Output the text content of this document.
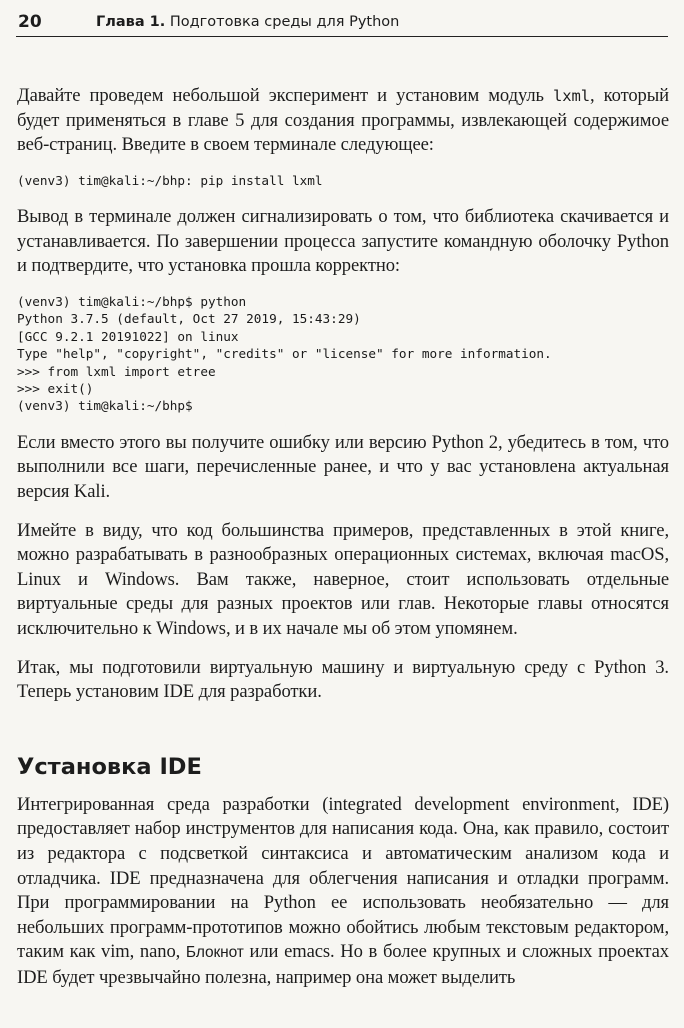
20	Глава 1. Подготовка среды для Python

Давайте проведем небольшой эксперимент и установим модуль lxml, который будет применяться в главе 5 для создания программы, извлекающей содержимое веб-страниц. Введите в своем терминале следующее:

(venv3) tim@kali:~/bhp: pip install lxml

Вывод в терминале должен сигнализировать о том, что библиотека скачивается и устанавливается. По завершении процесса запустите командную оболочку Python и подтвердите, что установка прошла корректно:

(venv3) tim@kali:~/bhp$ python
Python 3.7.5 (default, Oct 27 2019, 15:43:29)
[GCC 9.2.1 20191022] on linux
Type "help", "copyright", "credits" or "license" for more information.
>>> from lxml import etree
>>> exit()
(venv3) tim@kali:~/bhp$

Если вместо этого вы получите ошибку или версию Python 2, убедитесь в том, что выполнили все шаги, перечисленные ранее, и что у вас установлена актуальная версия Kali.

Имейте в виду, что код большинства примеров, представленных в этой книге, можно разрабатывать в разнообразных операционных системах, включая macOS, Linux и Windows. Вам также, наверное, стоит использовать отдельные виртуальные среды для разных проектов или глав. Некоторые главы относятся исключительно к Windows, и в их начале мы об этом упомянем.

Итак, мы подготовили виртуальную машину и виртуальную среду с Python 3. Теперь установим IDE для разработки.

Установка IDE

Интегрированная среда разработки (integrated development environment, IDE) предоставляет набор инструментов для написания кода. Она, как правило, состоит из редактора с подсветкой синтаксиса и автоматическим анализом кода и отладчика. IDE предназначена для облегчения написания и отладки программ. При программировании на Python ее использовать необязательно — для небольших программ-прототипов можно обойтись любым текстовым редактором, таким как vim, nano, Блокнот или emacs. Но в более крупных и сложных проектах IDE будет чрезвычайно полезна, например она может выделить
